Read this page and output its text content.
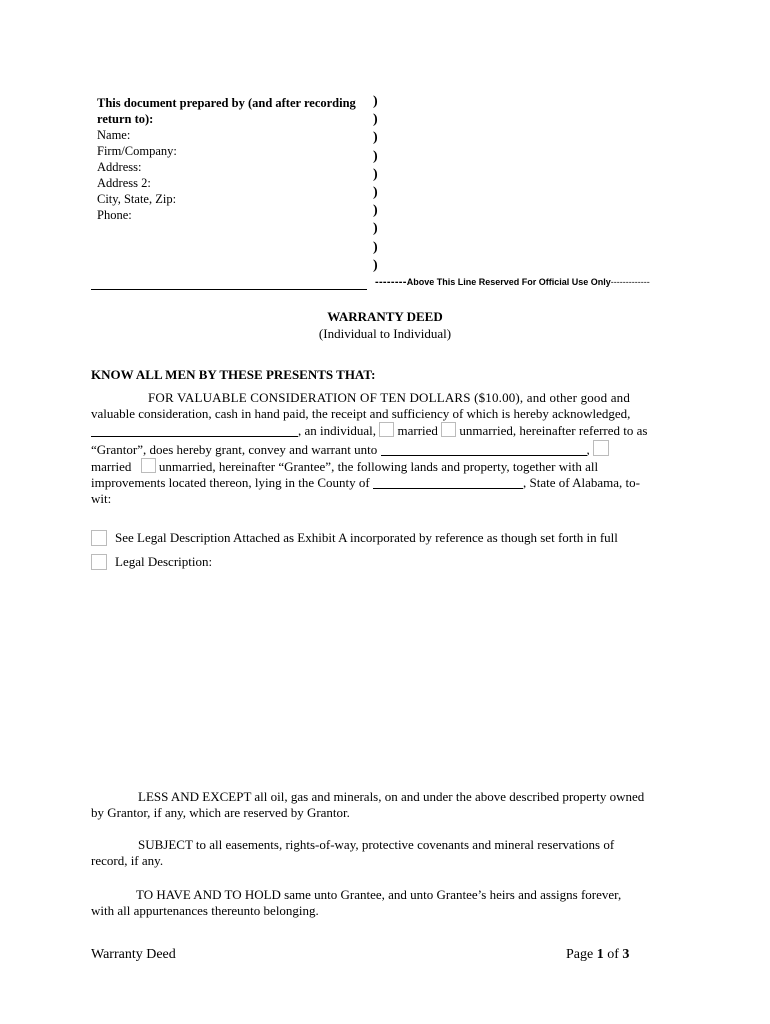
This document prepared by (and after recording
return to):
Name:
Firm/Company:
Address:
Address 2:
City, State, Zip:
Phone:
)
)
)
)
)
)
)
)
)
)
--------Above This Line Reserved For Official Use Only-------------
WARRANTY DEED
(Individual to Individual)
KNOW ALL MEN BY THESE PRESENTS THAT:
FOR VALUABLE CONSIDERATION OF TEN DOLLARS ($10.00), and other good and
valuable consideration, cash in hand paid, the receipt and sufficiency of which is hereby acknowledged,
, an individual, married unmarried, hereinafter referred to as
“Grantor”, does hereby grant, convey and warrant unto	,
married unmarried, hereinafter “Grantee”, the following lands and property, together with all
improvements located thereon, lying in the County of	, State of Alabama, to-
wit:
See Legal Description Attached as Exhibit A incorporated by reference as though set forth in full
Legal Description:
LESS AND EXCEPT all oil, gas and minerals, on and under the above described property owned
by Grantor, if any, which are reserved by Grantor.
SUBJECT to all easements, rights-of-way, protective covenants and mineral reservations of
record, if any.
TO HAVE AND TO HOLD same unto Grantee, and unto Grantee’s heirs and assigns forever,
with all appurtenances thereunto belonging.
Warranty Deed	Page 1 of 3
